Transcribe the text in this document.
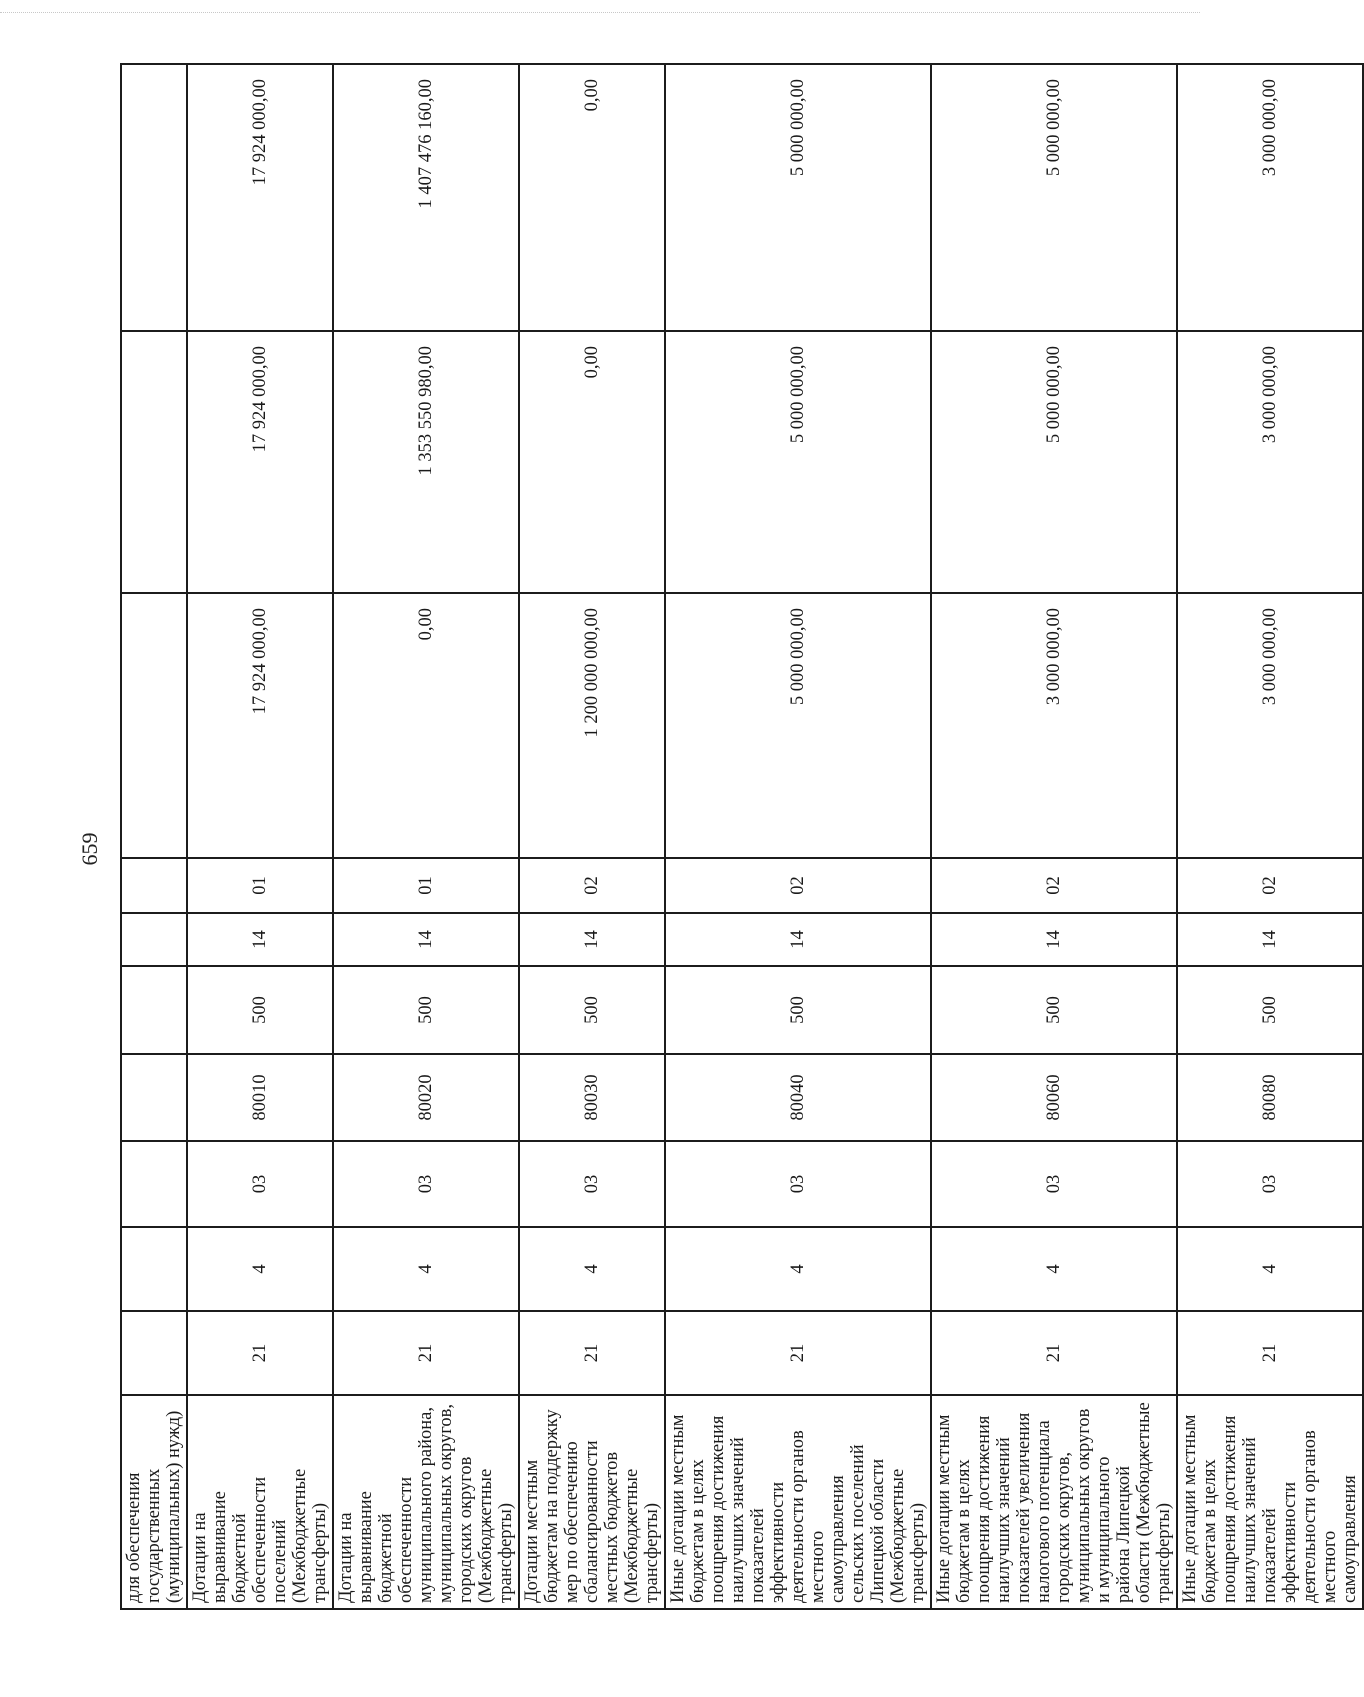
659
для обеспечения государственных (муниципальных) нужд)										
Дотации на выравнивание бюджетной обеспеченности поселений (Межбюджетные трансферты)	21	4	03	80010	500	14	01	17 924 000,00	17 924 000,00	17 924 000,00
Дотации на выравнивание бюджетной обеспеченности муниципального района, муниципальных округов, городских округов (Межбюджетные трансферты)	21	4	03	80020	500	14	01	0,00	1 353 550 980,00	1 407 476 160,00
Дотации местным бюджетам на поддержку мер по обеспечению сбалансированности местных бюджетов (Межбюджетные трансферты)	21	4	03	80030	500	14	02	1 200 000 000,00	0,00	0,00
Иные дотации местным бюджетам в целях поощрения достижения наилучших значений показателей эффективности деятельности органов местного самоуправления сельских поселений Липецкой области (Межбюджетные трансферты)	21	4	03	80040	500	14	02	5 000 000,00	5 000 000,00	5 000 000,00
Иные дотации местным бюджетам в целях поощрения достижения наилучших значений показателей увеличения налогового потенциала городских округов, муниципальных округов и муниципального района Липецкой области (Межбюджетные трансферты)	21	4	03	80060	500	14	02	3 000 000,00	5 000 000,00	5 000 000,00
Иные дотации местным бюджетам в целях поощрения достижения наилучших значений показателей эффективности деятельности органов местного самоуправления	21	4	03	80080	500	14	02	3 000 000,00	3 000 000,00	3 000 000,00
